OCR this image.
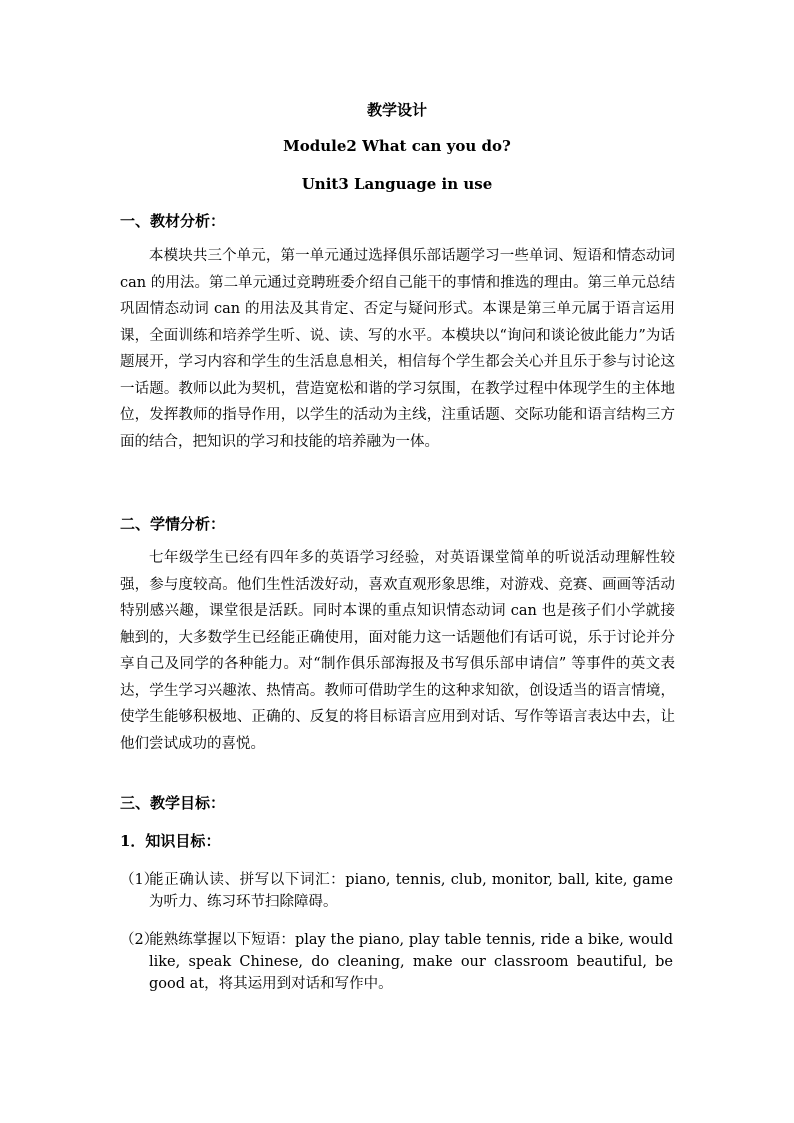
教学设计
Module2 What can you do?
Unit3 Language in use
一、教材分析：

本模块共三个单元，第一单元通过选择俱乐部话题学习一些单词、短语和情态动词 can 的用法。第二单元通过竞聘班委介绍自己能干的事情和推选的理由。第三单元总结巩固情态动词 can 的用法及其肯定、否定与疑问形式。本课是第三单元属于语言运用课，全面训练和培养学生听、说、读、写的水平。本模块以“询问和谈论彼此能力”为话题展开，学习内容和学生的生活息息相关，相信每个学生都会关心并且乐于参与讨论这一话题。教师以此为契机，营造宽松和谐的学习氛围，在教学过程中体现学生的主体地位，发挥教师的指导作用，以学生的活动为主线，注重话题、交际功能和语言结构三方面的结合，把知识的学习和技能的培养融为一体。

二、学情分析：

七年级学生已经有四年多的英语学习经验，对英语课堂简单的听说活动理解性较强，参与度较高。他们生性活泼好动，喜欢直观形象思维，对游戏、竞赛、画画等活动特别感兴趣，课堂很是活跃。同时本课的重点知识情态动词 can 也是孩子们小学就接触到的，大多数学生已经能正确使用，面对能力这一话题他们有话可说，乐于讨论并分享自己及同学的各种能力。对“制作俱乐部海报及书写俱乐部申请信” 等事件的英文表达，学生学习兴趣浓、热情高。教师可借助学生的这种求知欲，创设适当的语言情境，使学生能够积极地、正确的、反复的将目标语言应用到对话、写作等语言表达中去，让他们尝试成功的喜悦。

三、教学目标：
1．知识目标：
（1）
能正确认读、拼写以下词汇：piano, tennis, club, monitor, ball, kite, game 为听力、练习环节扫除障碍。
（2）
能熟练掌握以下短语：play the piano, play table tennis, ride a bike, would like, speak Chinese, do cleaning, make our classroom beautiful, be good at，将其运用到对话和写作中。
